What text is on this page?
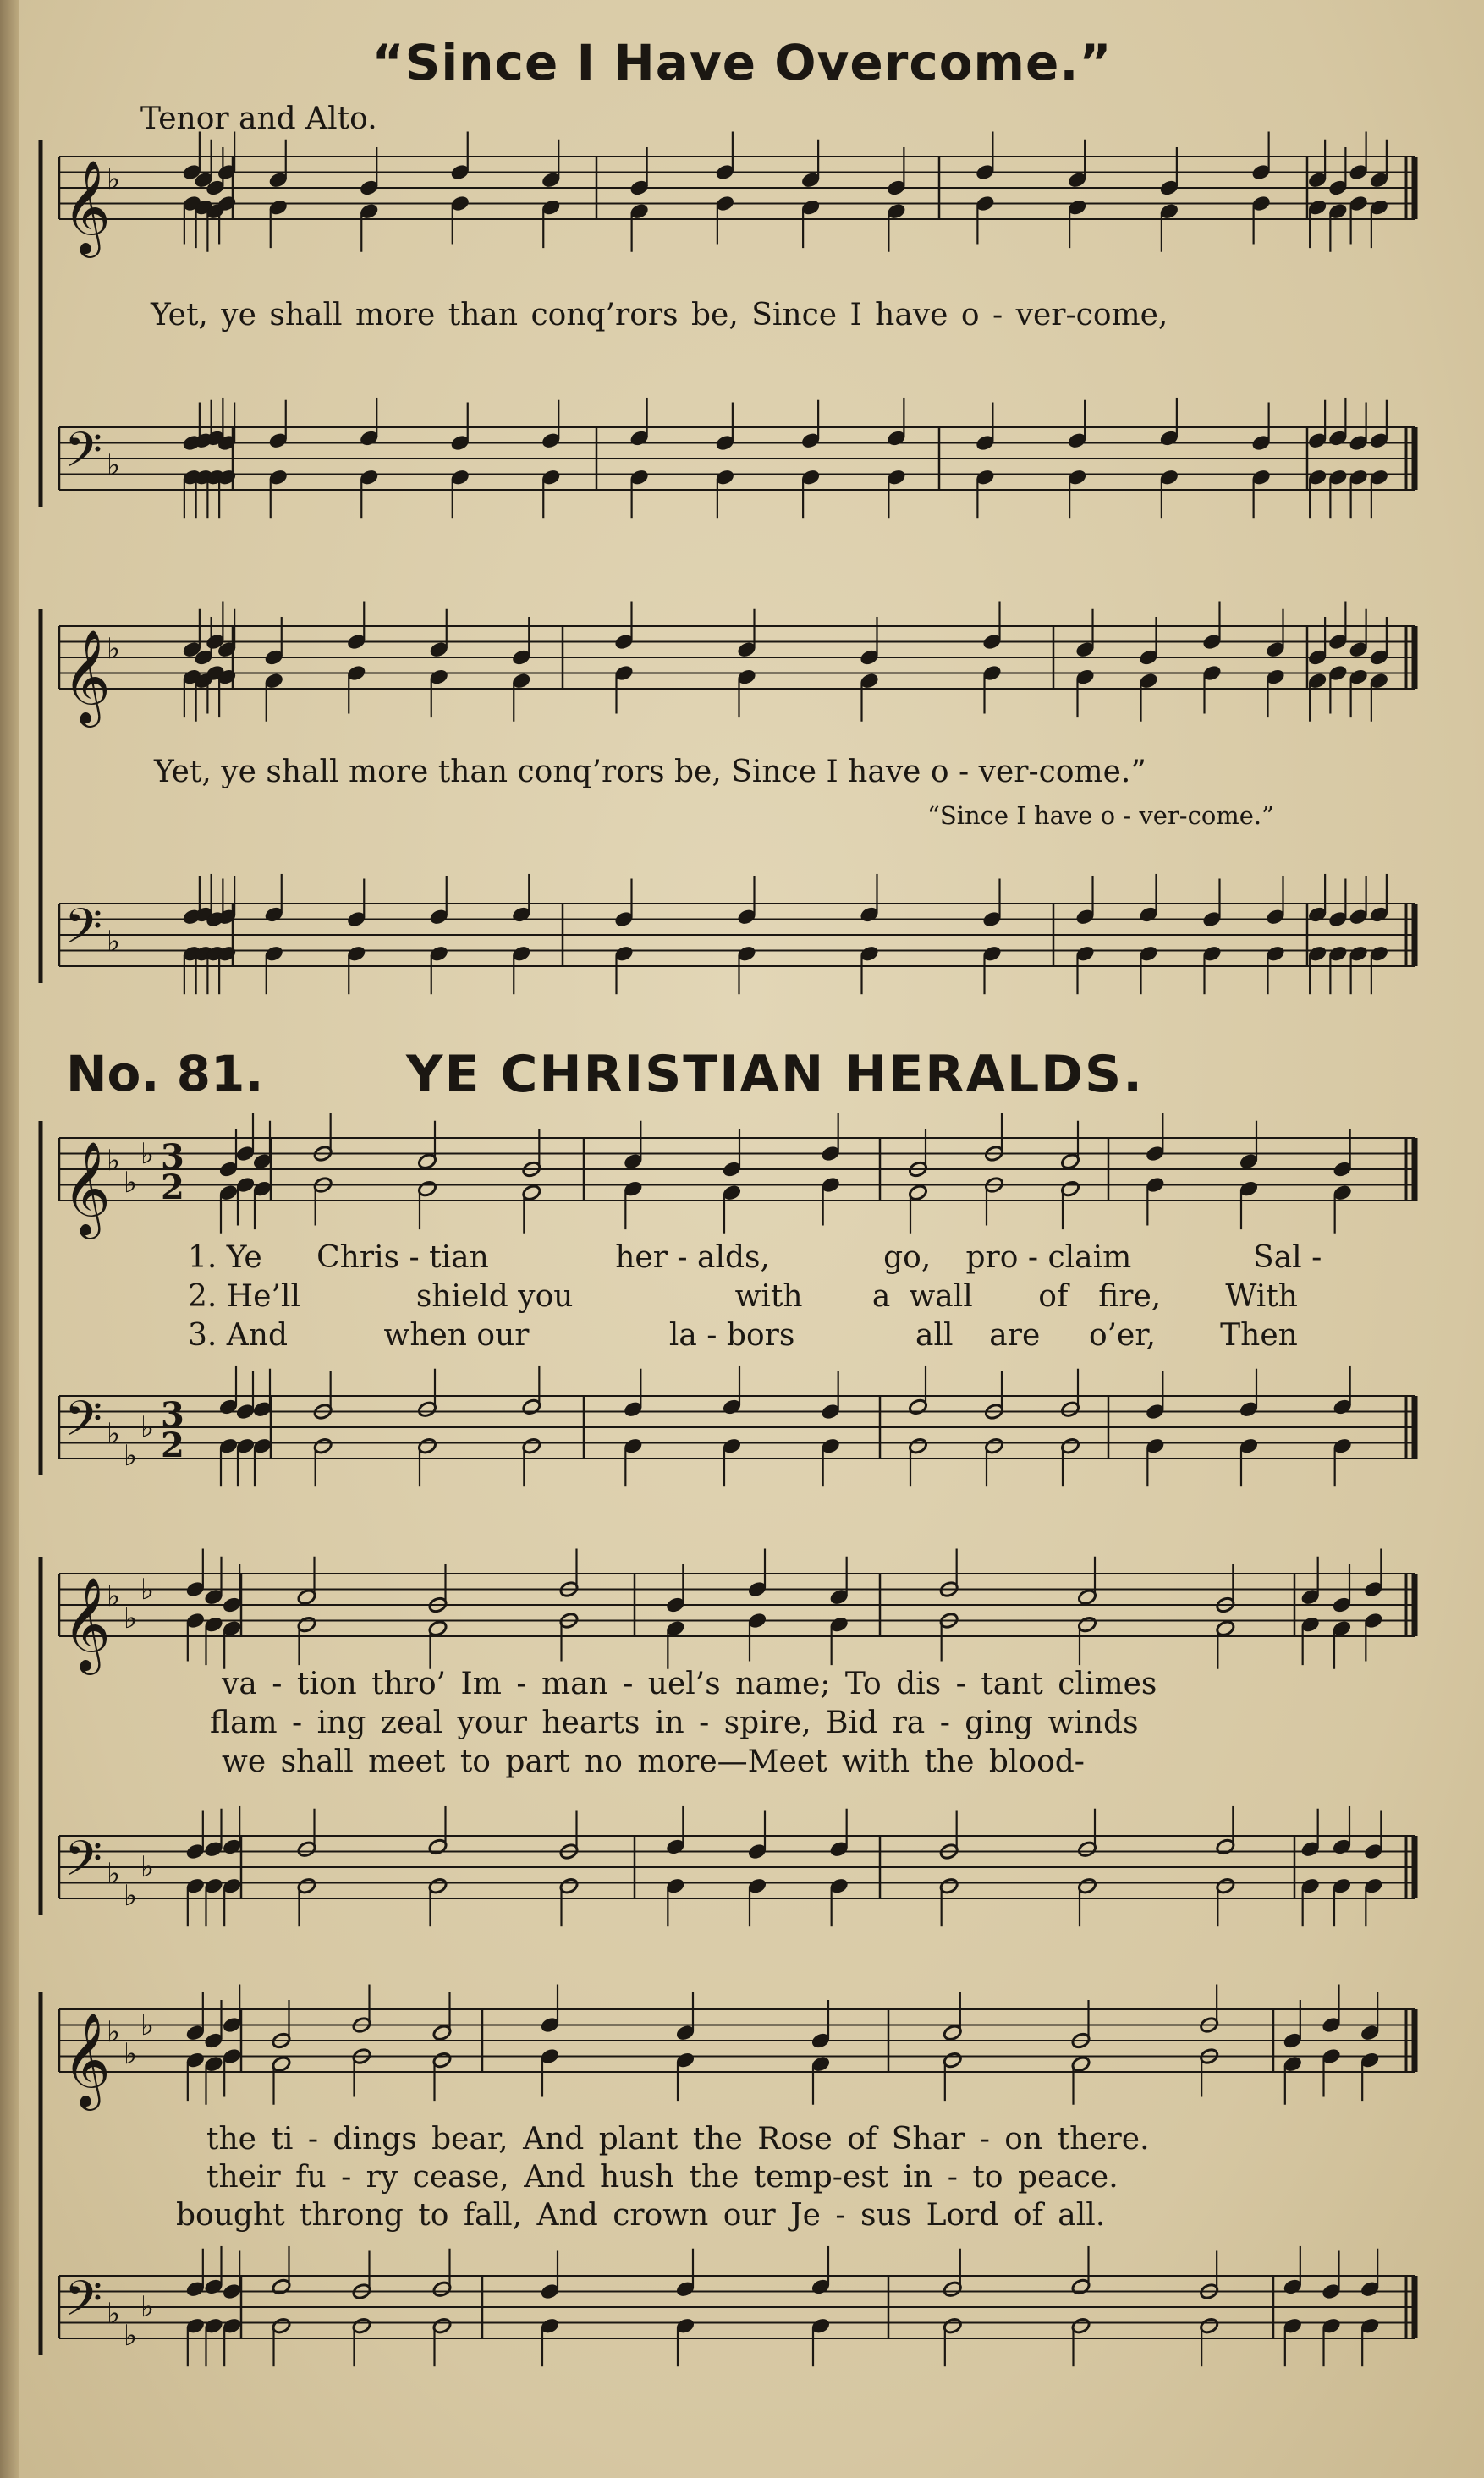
“Since I Have Overcome.”
Tenor and Alto.
𝄞
𝄢
♭
♭
𝄞
𝄢
♭
♭
𝄞
𝄢
♭
♭
♭
♭
♭
♭
3
2
3
2
𝄞
𝄢
♭
♭
♭
♭
♭
♭
𝄞
𝄢
♭
♭
♭
♭
♭
♭
Yet, ye shall more than conq’rors be, Since I have o - ver-come,
Yet, ye shall more than conq’rors be, Since I have o - ver-come.”
“Since I have o - ver-come.”
No. 81.	YE CHRISTIAN HERALDS.
1. Ye	Chris - tian	her - alds,	go,	pro - claim	Sal -
2. He’ll	shield you	with	a	wall	of	fire,	With
3. And	when our	la - bors	all	are	o’er,	Then
va - tion thro’ Im - man - uel’s name; To dis - tant climes
flam - ing zeal your hearts in - spire, Bid ra - ging winds
we shall meet to part no more—Meet with the blood-
the ti - dings bear, And plant the Rose of Shar - on there.
their fu - ry cease, And hush the temp-est in - to peace.
bought throng to fall, And crown our Je - sus Lord of all.
